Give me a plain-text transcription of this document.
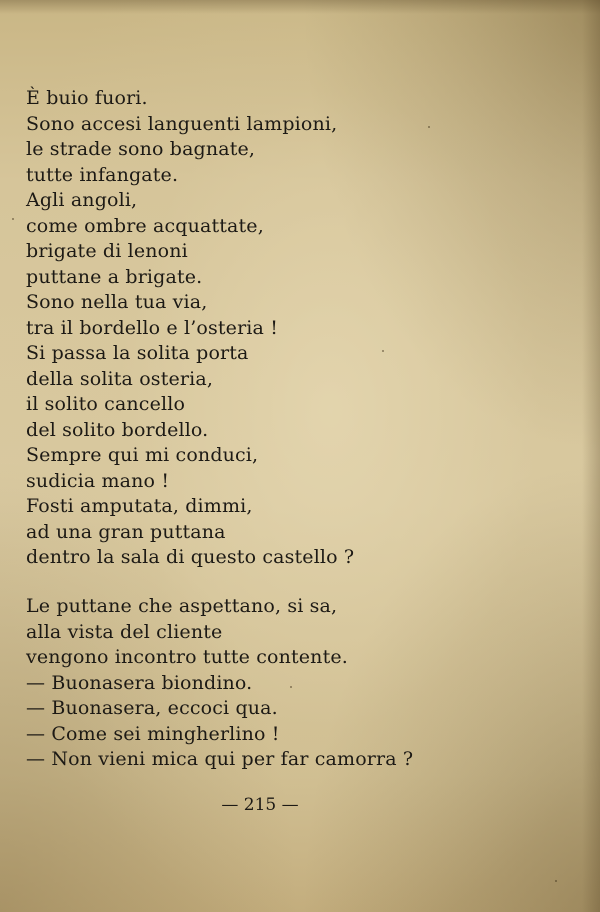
È buio fuori.
Sono accesi languenti lampioni,
le strade sono bagnate,
tutte infangate.
Agli angoli,
come ombre acquattate,
brigate di lenoni
puttane a brigate.
Sono nella tua via,
tra il bordello e l’osteria !
Si passa la solita porta
della solita osteria,
il solito cancello
del solito bordello.
Sempre qui mi conduci,
sudicia mano !
Fosti amputata, dimmi,
ad una gran puttana
dentro la sala di questo castello ?
Le puttane che aspettano, si sa,
alla vista del cliente
vengono incontro tutte contente.
— Buonasera biondino.
— Buonasera, eccoci qua.
— Come sei mingherlino !
— Non vieni mica qui per far camorra ?
— 215 —
